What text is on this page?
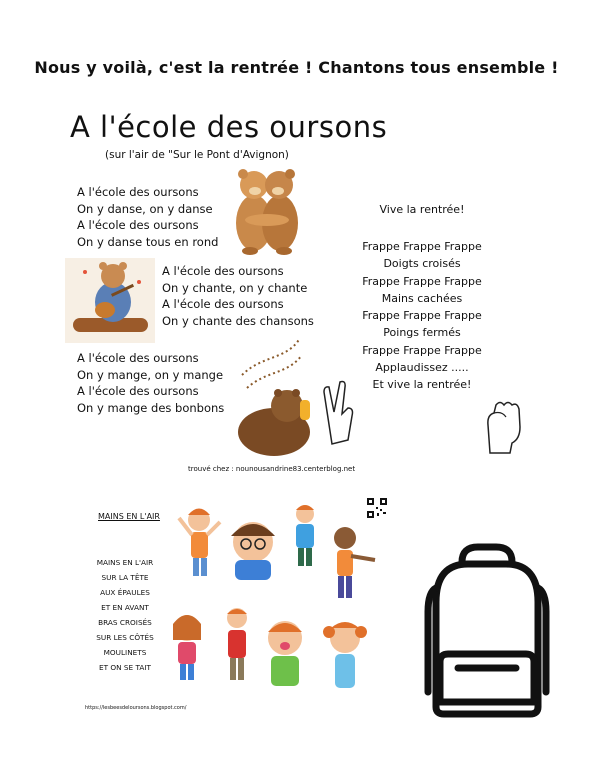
Nous y voilà, c'est la rentrée ! Chantons tous ensemble !
A l'école des oursons
(sur l'air de "Sur le Pont d'Avignon)
A l'école des oursons
On y danse, on y danse
A l'école des oursons
On y danse tous en rond
A l'école des oursons
On y chante, on y chante
A l'école des oursons
On y chante des chansons
A l'école des oursons
On y mange, on y mange
A l'école des oursons
On y mange des bonbons
Vive la rentrée!
Frappe Frappe Frappe
Doigts croisés
Frappe Frappe Frappe
Mains cachées
Frappe Frappe Frappe
Poings fermés
Frappe Frappe Frappe
Applaudissez .....
Et vive la rentrée!
trouvé chez : nounousandrine83.centerblog.net
MAINS EN L'AIR
MAINS EN L'AIR
SUR LA TÊTE
AUX ÉPAULES
ET EN AVANT
BRAS CROISÉS
SUR LES CÔTÉS
MOULINETS
ET ON SE TAIT
https://lesbeesdeloursons.blogspot.com/
